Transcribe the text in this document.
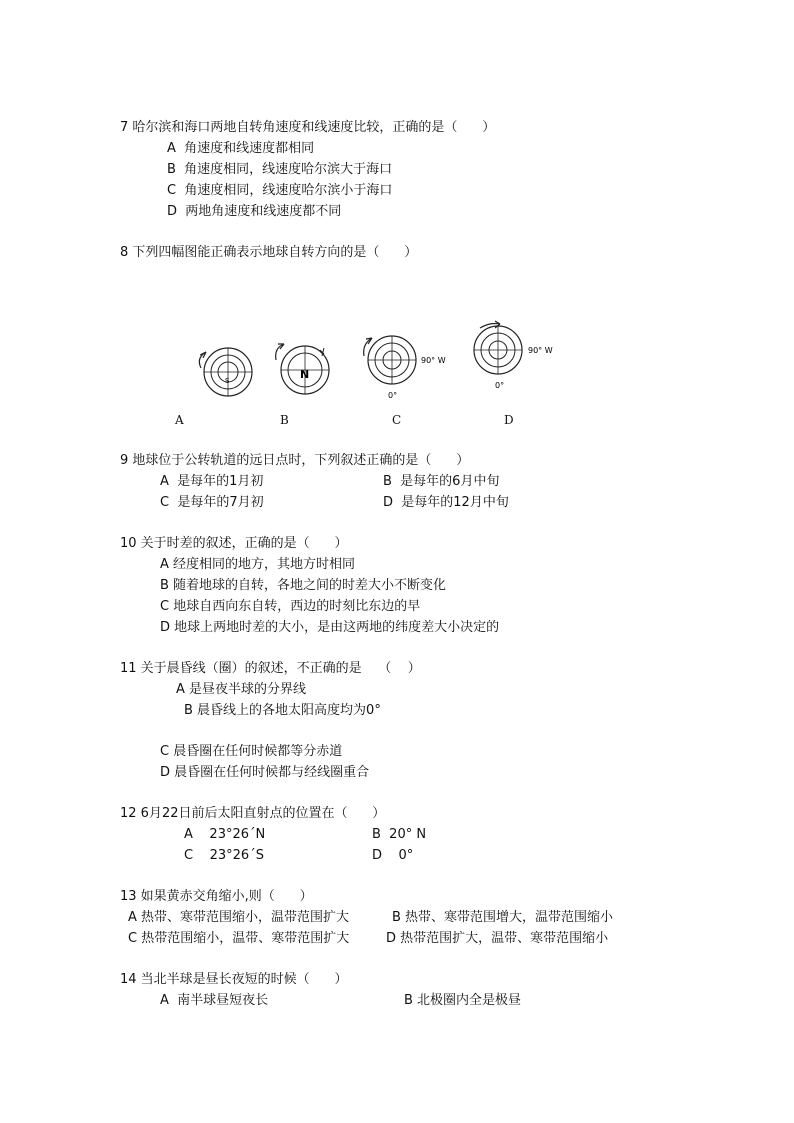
7 哈尔滨和海口两地自转角速度和线速度比较，正确的是（      ）
A  角速度和线速度都相同
B  角速度相同，线速度哈尔滨大于海口
C  角速度相同，线速度哈尔滨小于海口
D  两地角速度和线速度都不同
8 下列四幅图能正确表示地球自转方向的是（      ）
S	N
90° W
0°
90° W
0°
A	B	C	D
9 地球位于公转轨道的远日点时，下列叙述正确的是（      ）
A  是每年的1月初	B  是每年的6月中旬
C  是每年的7月初	D  是每年的12月中旬
10 关于时差的叙述，正确的是（      ）
A 经度相同的地方，其地方时相同
B 随着地球的自转，各地之间的时差大小不断变化
C 地球自西向东自转，西边的时刻比东边的早
D 地球上两地时差的大小，是由这两地的纬度差大小决定的
11 关于晨昏线（圈）的叙述，不正确的是    （    ）
A 是昼夜半球的分界线
B 晨昏线上的各地太阳高度均为0°
C 晨昏圈在任何时候都等分赤道
D 晨昏圈在任何时候都与经线圈重合
12 6月22日前后太阳直射点的位置在（      ）
A    23°26´N	B  20° N
C    23°26´S	D    0°
13 如果黄赤交角缩小,则（      ）
A 热带、寒带范围缩小，温带范围扩大	B 热带、寒带范围增大，温带范围缩小
C 热带范围缩小，温带、寒带范围扩大	D 热带范围扩大，温带、寒带范围缩小
14 当北半球是昼长夜短的时候（      ）
A  南半球昼短夜长	B 北极圈内全是极昼
